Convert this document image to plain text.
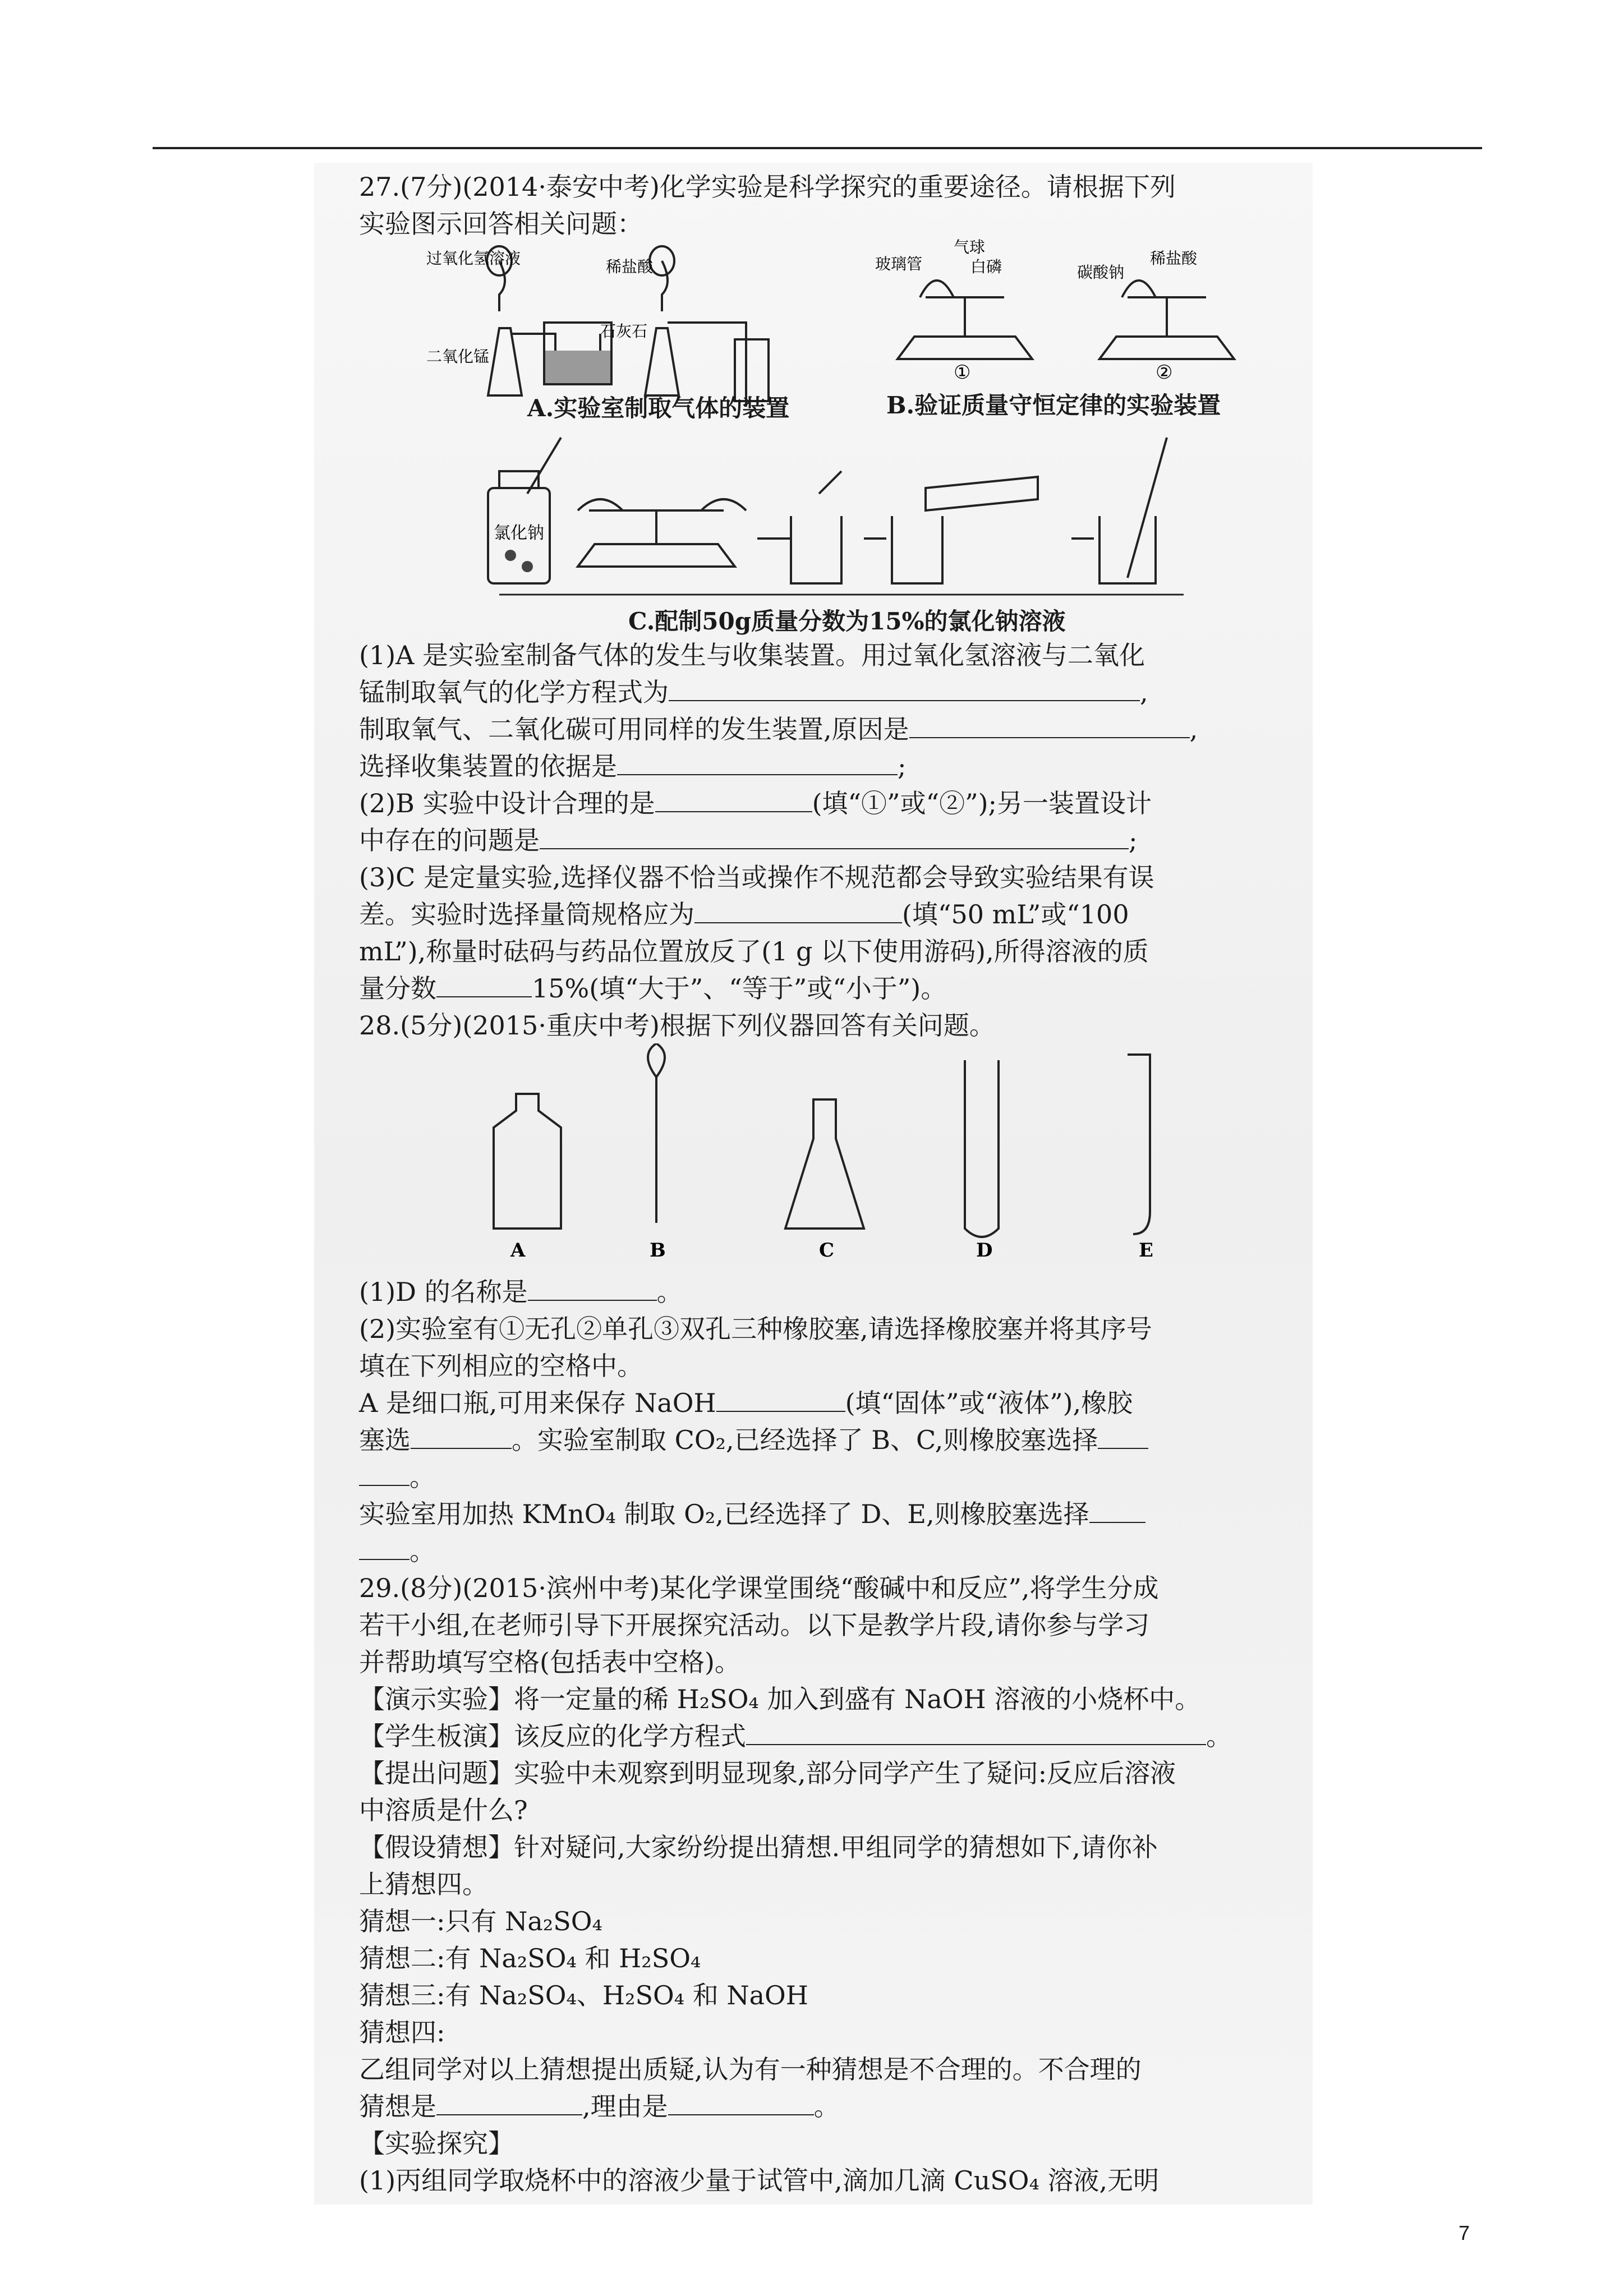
27.(7分)(2014·泰安中考)化学实验是科学探究的重要途径。请根据下列
实验图示回答相关问题：
过氧化氢溶液
二氧化锰
稀盐酸
石灰石
A.实验室制取气体的装置
玻璃管
气球
白磷	稀盐酸
碳酸钠
①	②
B.验证质量守恒定律的实验装置
氯化钠
C.配制50g质量分数为15%的氯化钠溶液
(1)A 是实验室制备气体的发生与收集装置。用过氧化氢溶液与二氧化
锰制取氧气的化学方程式为	,
制取氧气、二氧化碳可用同样的发生装置,原因是	,
选择收集装置的依据是	;
(2)B 实验中设计合理的是	(填“①”或“②”);另一装置设计
中存在的问题是	;
(3)C 是定量实验,选择仪器不恰当或操作不规范都会导致实验结果有误
差。实验时选择量筒规格应为	(填“50 mL”或“100
mL”),称量时砝码与药品位置放反了(1 g 以下使用游码),所得溶液的质
量分数	15%(填“大于”、“等于”或“小于”)。
28.(5分)(2015·重庆中考)根据下列仪器回答有关问题。
A	B	C	D	E
(1)D 的名称是	。
(2)实验室有①无孔②单孔③双孔三种橡胶塞,请选择橡胶塞并将其序号
填在下列相应的空格中。
A 是细口瓶,可用来保存 NaOH	(填“固体”或“液体”),橡胶
塞选	。实验室制取 CO₂,已经选择了 B、C,则橡胶塞选择
。
实验室用加热 KMnO₄ 制取 O₂,已经选择了 D、E,则橡胶塞选择
。
29.(8分)(2015·滨州中考)某化学课堂围绕“酸碱中和反应”,将学生分成
若干小组,在老师引导下开展探究活动。以下是教学片段,请你参与学习
并帮助填写空格(包括表中空格)。
【演示实验】将一定量的稀 H₂SO₄ 加入到盛有 NaOH 溶液的小烧杯中。
【学生板演】该反应的化学方程式	。
【提出问题】实验中未观察到明显现象,部分同学产生了疑问:反应后溶液
中溶质是什么?
【假设猜想】针对疑问,大家纷纷提出猜想.甲组同学的猜想如下,请你补
上猜想四。
猜想一:只有 Na₂SO₄
猜想二:有 Na₂SO₄ 和 H₂SO₄
猜想三:有 Na₂SO₄、H₂SO₄ 和 NaOH
猜想四:
乙组同学对以上猜想提出质疑,认为有一种猜想是不合理的。不合理的
猜想是	,理由是	。
【实验探究】
(1)丙组同学取烧杯中的溶液少量于试管中,滴加几滴 CuSO₄ 溶液,无明
7
